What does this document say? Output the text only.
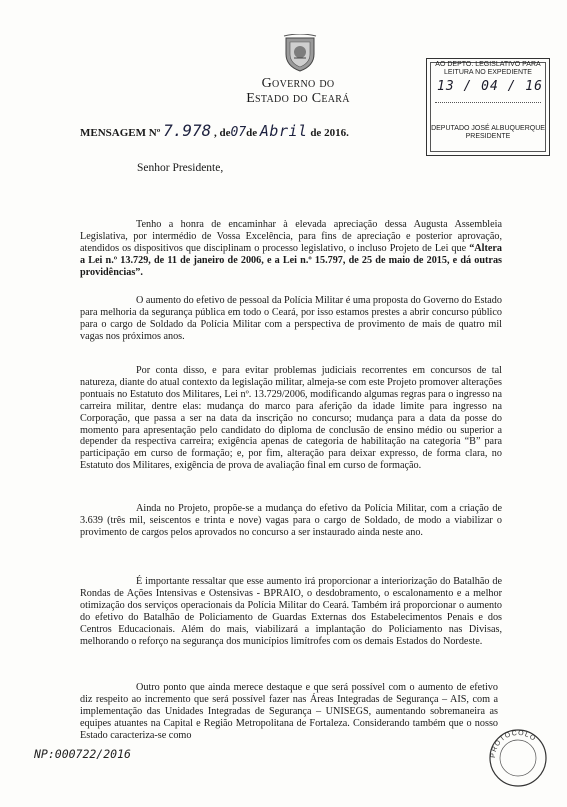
Governo do
Estado do Ceará
AO DEPTO. LEGISLATIVO PARA LEITURA NO EXPEDIENTE
13 / 04 / 16
DEPUTADO JOSÉ ALBUQUERQUE PRESIDENTE
MENSAGEM Nº 7.978 , de07de Abril de 2016.
Senhor Presidente,
Tenho a honra de encaminhar à elevada apreciação dessa Augusta Assembleia Legislativa, por intermédio de Vossa Excelência, para fins de apreciação e posterior aprovação, atendidos os dispositivos que disciplinam o processo legislativo, o incluso Projeto de Lei que “Altera a Lei n.º 13.729, de 11 de janeiro de 2006, e a Lei n.º 15.797, de 25 de maio de 2015, e dá outras providências”.
O aumento do efetivo de pessoal da Polícia Militar é uma proposta do Governo do Estado para melhoria da segurança pública em todo o Ceará, por isso estamos prestes a abrir concurso público para o cargo de Soldado da Polícia Militar com a perspectiva de provimento de mais de quatro mil vagas nos próximos anos.
Por conta disso, e para evitar problemas judiciais recorrentes em concursos de tal natureza, diante do atual contexto da legislação militar, almeja-se com este Projeto promover alterações pontuais no Estatuto dos Militares, Lei nº. 13.729/2006, modificando algumas regras para o ingresso na carreira militar, dentre elas: mudança do marco para aferição da idade limite para ingresso na Corporação, que passa a ser na data da inscrição no concurso; mudança para a data da posse do momento para apresentação pelo candidato do diploma de conclusão de ensino médio ou superior a depender da respectiva carreira; exigência apenas de categoria de habilitação na categoria “B” para participação em curso de formação; e, por fim, alteração para deixar expresso, de forma clara, no Estatuto dos Militares, exigência de prova de avaliação final em curso de formação.
Ainda no Projeto, propõe-se a mudança do efetivo da Polícia Militar, com a criação de 3.639 (três mil, seiscentos e trinta e nove) vagas para o cargo de Soldado, de modo a viabilizar o provimento de cargos pelos aprovados no concurso a ser instaurado ainda neste ano.
É importante ressaltar que esse aumento irá proporcionar a interiorização do Batalhão de Rondas de Ações Intensivas e Ostensivas - BPRAIO, o desdobramento, o escalonamento e a melhor otimização dos serviços operacionais da Polícia Militar do Ceará. Também irá proporcionar o aumento do efetivo do Batalhão de Policiamento de Guardas Externas dos Estabelecimentos Penais e dos Centros Educacionais. Além do mais, viabilizará a implantação do Policiamento nas Divisas, melhorando o reforço na segurança dos municípios limítrofes com os demais Estados do Nordeste.
Outro ponto que ainda merece destaque e que será possível com o aumento de efetivo diz respeito ao incremento que será possível fazer nas Áreas Integradas de Segurança – AIS, com a implementação das Unidades Integradas de Segurança – UNISEGS, aumentando sobremaneira as equipes atuantes na Capital e Região Metropolitana de Fortaleza. Considerando também que o nosso Estado caracteriza-se como
NP:000722/2016	PROTOCOLO
